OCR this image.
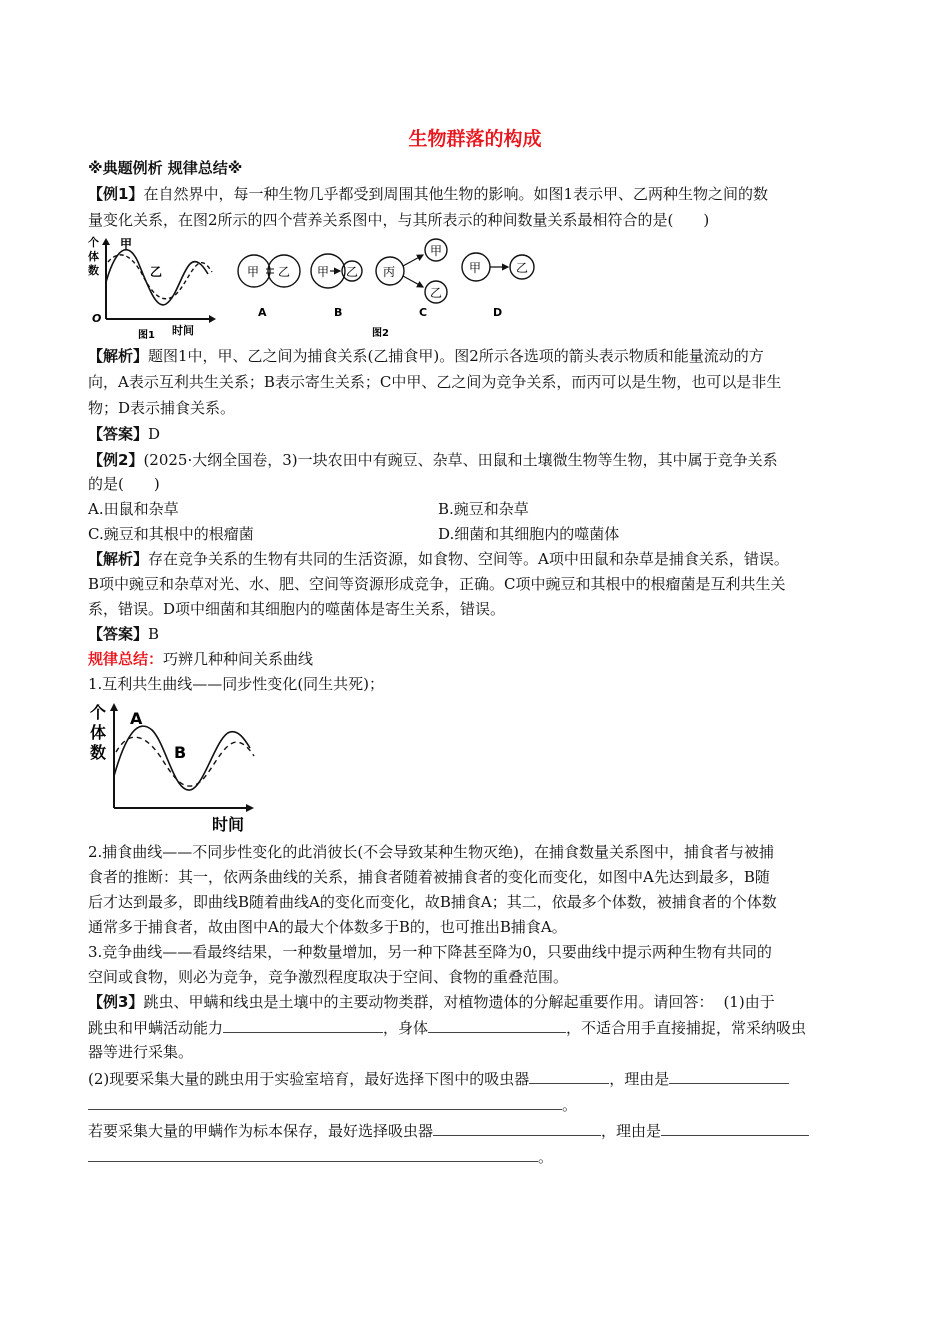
生物群落的构成
※典题例析 规律总结※
【例1】在自然界中，每一种生物几乎都受到周围其他生物的影响。如图1表示甲、乙两种生物之间的数
量变化关系，在图2所示的四个营养关系图中，与其所表示的种间数量关系最相符合的是(　　)
甲
乙
个
体
数
O
时间
图1
甲 乙
A
甲 乙
B
丙
甲
乙
C
甲	乙
D
图2
【解析】题图1中，甲、乙之间为捕食关系(乙捕食甲)。图2所示各选项的箭头表示物质和能量流动的方
向，A表示互利共生关系；B表示寄生关系；C中甲、乙之间为竞争关系，而丙可以是生物，也可以是非生
物；D表示捕食关系。
【答案】D
【例2】(2025·大纲全国卷，3)一块农田中有豌豆、杂草、田鼠和土壤微生物等生物，其中属于竞争关系
的是(　　)
A.田鼠和杂草	B.豌豆和杂草
C.豌豆和其根中的根瘤菌	D.细菌和其细胞内的噬菌体
【解析】存在竞争关系的生物有共同的生活资源，如食物、空间等。A项中田鼠和杂草是捕食关系，错误。
B项中豌豆和杂草对光、水、肥、空间等资源形成竞争，正确。C项中豌豆和其根中的根瘤菌是互利共生关
系，错误。D项中细菌和其细胞内的噬菌体是寄生关系，错误。
【答案】B
规律总结：巧辨几种种间关系曲线
1.互利共生曲线——同步性变化(同生共死)；
A
B
个
体
数
时间
2.捕食曲线——不同步性变化的此消彼长(不会导致某种生物灭绝)，在捕食数量关系图中，捕食者与被捕
食者的推断：其一，依两条曲线的关系，捕食者随着被捕食者的变化而变化，如图中A先达到最多，B随
后才达到最多，即曲线B随着曲线A的变化而变化，故B捕食A；其二，依最多个体数，被捕食者的个体数
通常多于捕食者，故由图中A的最大个体数多于B的，也可推出B捕食A。
3.竞争曲线——看最终结果，一种数量增加，另一种下降甚至降为0，只要曲线中提示两种生物有共同的
空间或食物，则必为竞争，竞争激烈程度取决于空间、食物的重叠范围。
【例3】跳虫、甲螨和线虫是土壤中的主要动物类群，对植物遗体的分解起重要作用。请回答： (1)由于
跳虫和甲螨活动能力	，身体	，不适合用手直接捕捉，常采纳吸虫
器等进行采集。
(2)现要采集大量的跳虫用于实验室培育，最好选择下图中的吸虫器	，理由是
。
若要采集大量的甲螨作为标本保存，最好选择吸虫器	，理由是
。
